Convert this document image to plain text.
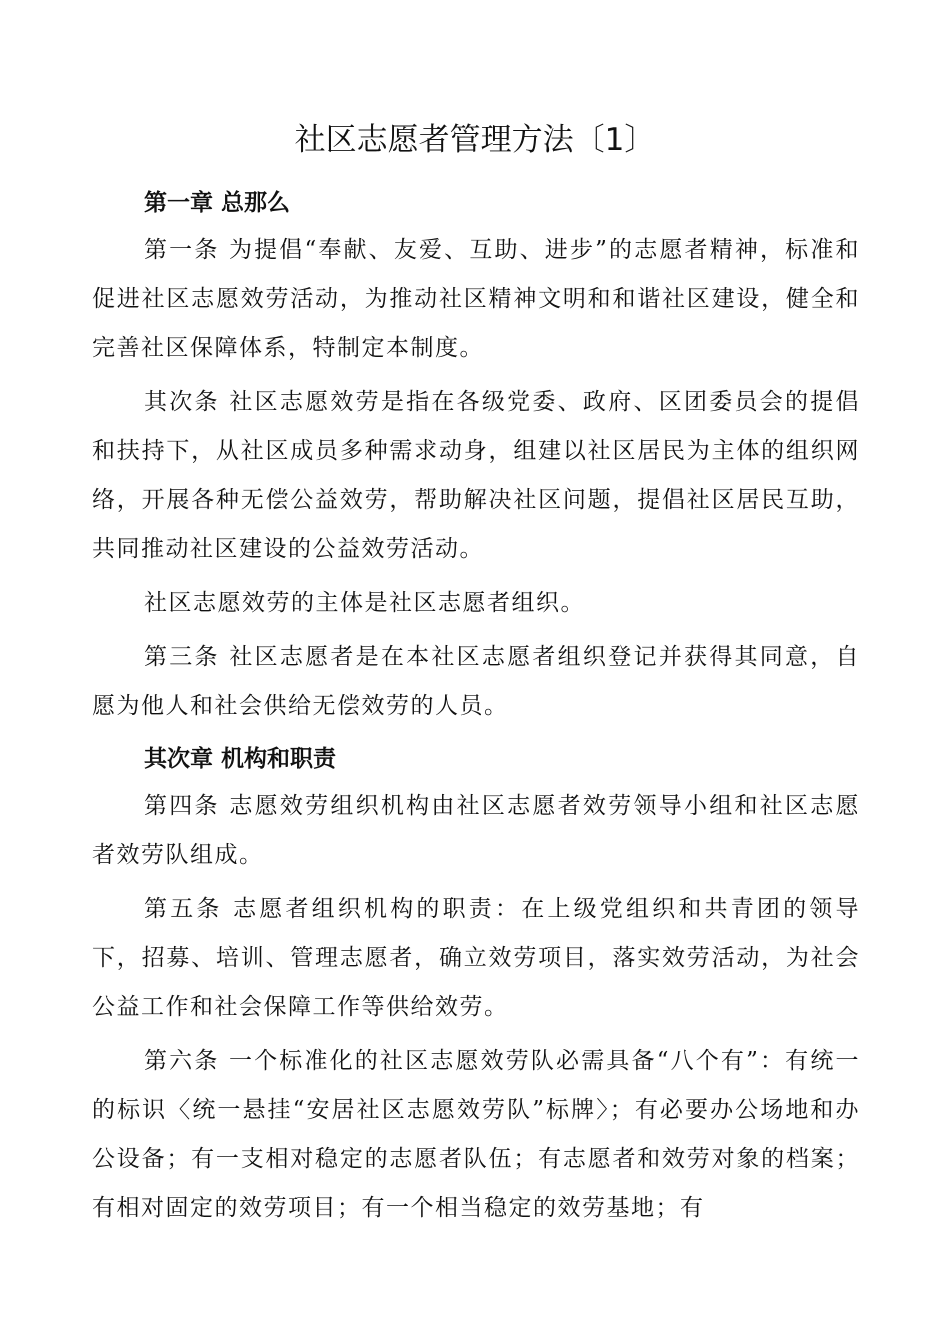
社区志愿者管理方法〔1〕
第一章 总那么

第一条 为提倡“奉献、友爱、互助、进步”的志愿者精神，标准和促进社区志愿效劳活动，为推动社区精神文明和和谐社区建设，健全和完善社区保障体系，特制定本制度。

其次条 社区志愿效劳是指在各级党委、政府、区团委员会的提倡和扶持下，从社区成员多种需求动身，组建以社区居民为主体的组织网络，开展各种无偿公益效劳，帮助解决社区问题，提倡社区居民互助，共同推动社区建设的公益效劳活动。

社区志愿效劳的主体是社区志愿者组织。

第三条 社区志愿者是在本社区志愿者组织登记并获得其同意，自愿为他人和社会供给无偿效劳的人员。

其次章 机构和职责

第四条 志愿效劳组织机构由社区志愿者效劳领导小组和社区志愿者效劳队组成。

第五条 志愿者组织机构的职责：在上级党组织和共青团的领导下，招募、培训、管理志愿者，确立效劳项目，落实效劳活动，为社会公益工作和社会保障工作等供给效劳。

第六条 一个标准化的社区志愿效劳队必需具备“八个有”：有统一的标识〈统一悬挂“安居社区志愿效劳队”标牌〉；有必要办公场地和办公设备；有一支相对稳定的志愿者队伍；有志愿者和效劳对象的档案；有相对固定的效劳项目；有一个相当稳定的效劳基地；有
